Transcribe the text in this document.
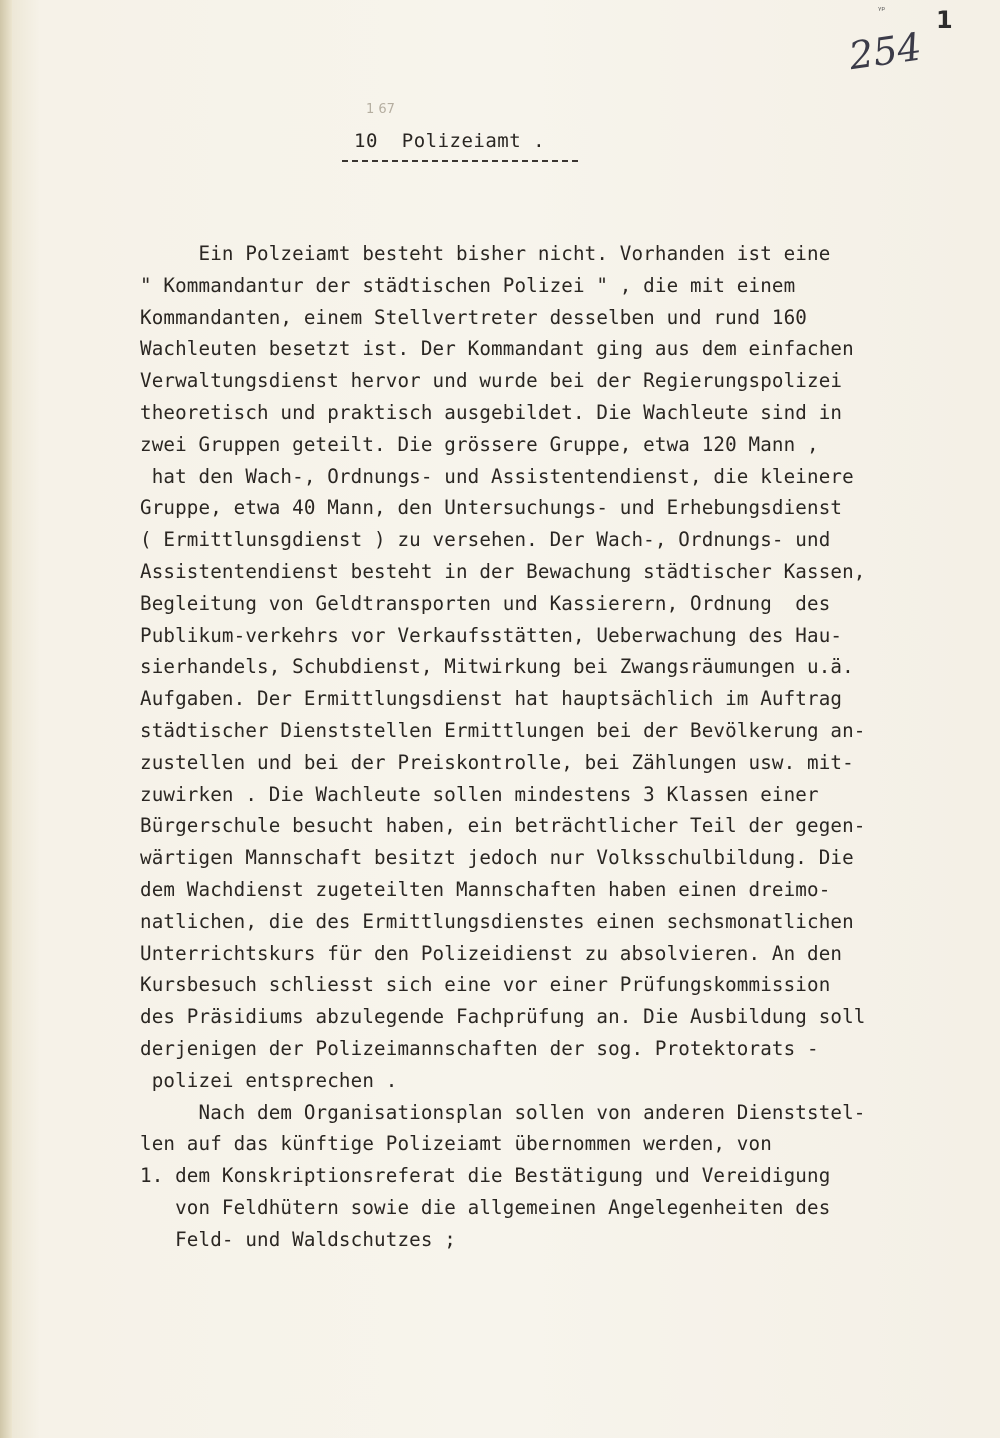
ᵞᵖ
254
1
1 67
10  Polizeiamt .
Ein Polzeiamt besteht bisher nicht. Vorhanden ist eine
" Kommandantur der städtischen Polizei " , die mit einem
Kommandanten, einem Stellvertreter desselben und rund 160
Wachleuten besetzt ist. Der Kommandant ging aus dem einfachen
Verwaltungsdienst hervor und wurde bei der Regierungspolizei
theoretisch und praktisch ausgebildet. Die Wachleute sind in
zwei Gruppen geteilt. Die grössere Gruppe, etwa 120 Mann ,
hat den Wach-, Ordnungs- und Assistentendienst, die kleinere
Gruppe, etwa 40 Mann, den Untersuchungs- und Erhebungsdienst
( Ermittlunsgdienst ) zu versehen. Der Wach-, Ordnungs- und
Assistentendienst besteht in der Bewachung städtischer Kassen,
Begleitung von Geldtransporten und Kassierern, Ordnung  des
Publikum-verkehrs vor Verkaufsstätten, Ueberwachung des Hau-
sierhandels, Schubdienst, Mitwirkung bei Zwangsräumungen u.ä.
Aufgaben. Der Ermittlungsdienst hat hauptsächlich im Auftrag
städtischer Dienststellen Ermittlungen bei der Bevölkerung an-
zustellen und bei der Preiskontrolle, bei Zählungen usw. mit-
zuwirken . Die Wachleute sollen mindestens 3 Klassen einer
Bürgerschule besucht haben, ein beträchtlicher Teil der gegen-
wärtigen Mannschaft besitzt jedoch nur Volksschulbildung. Die
dem Wachdienst zugeteilten Mannschaften haben einen dreimo-
natlichen, die des Ermittlungsdienstes einen sechsmonatlichen
Unterrichtskurs für den Polizeidienst zu absolvieren. An den
Kursbesuch schliesst sich eine vor einer Prüfungskommission
des Präsidiums abzulegende Fachprüfung an. Die Ausbildung soll
derjenigen der Polizeimannschaften der sog. Protektorats -
polizei entsprechen .
Nach dem Organisationsplan sollen von anderen Dienststel-
len auf das künftige Polizeiamt übernommen werden, von
1. dem Konskriptionsreferat die Bestätigung und Vereidigung
von Feldhütern sowie die allgemeinen Angelegenheiten des
Feld- und Waldschutzes ;
